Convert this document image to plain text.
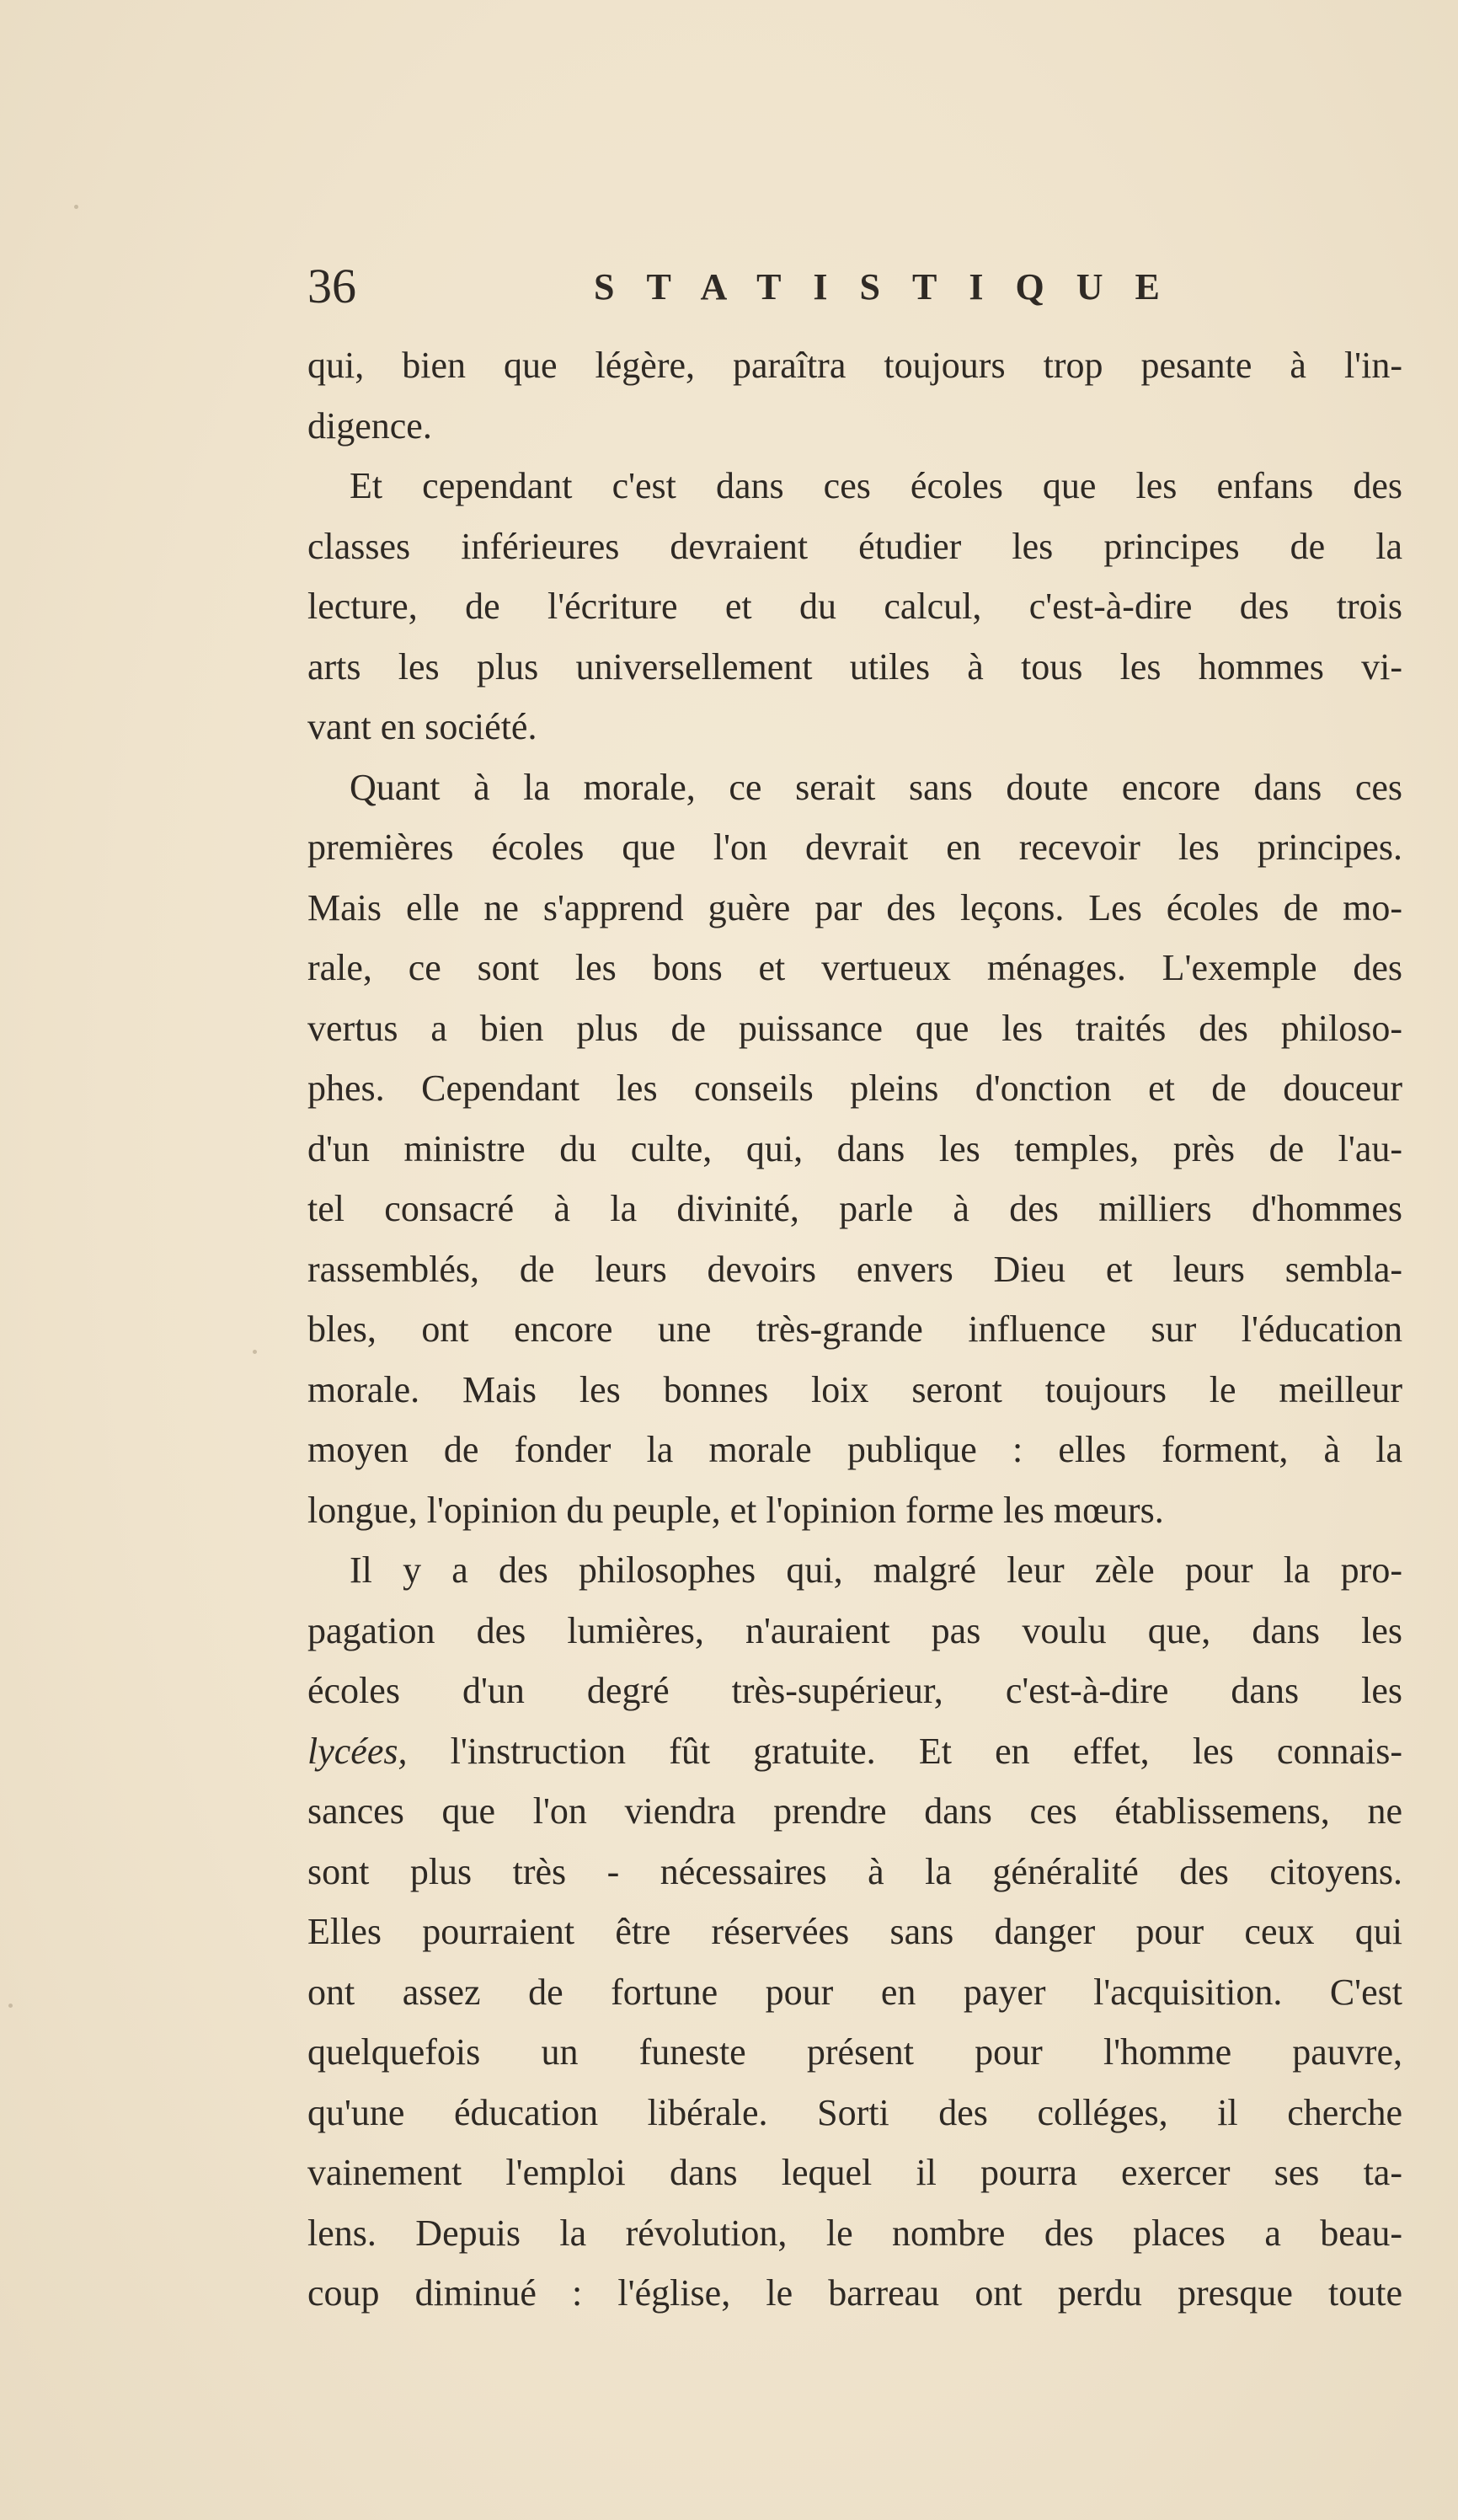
36	STATISTIQUE
qui, bien que légère, paraîtra toujours trop pesante à l'in-
digence.
Et cependant c'est dans ces écoles que les enfans des
classes inférieures devraient étudier les principes de la
lecture, de l'écriture et du calcul, c'est-à-dire des trois
arts les plus universellement utiles à tous les hommes vi-
vant en société.
Quant à la morale, ce serait sans doute encore dans ces
premières écoles que l'on devrait en recevoir les principes.
Mais elle ne s'apprend guère par des leçons. Les écoles de mo-
rale, ce sont les bons et vertueux ménages. L'exemple des
vertus a bien plus de puissance que les traités des philoso-
phes. Cependant les conseils pleins d'onction et de douceur
d'un ministre du culte, qui, dans les temples, près de l'au-
tel consacré à la divinité, parle à des milliers d'hommes
rassemblés, de leurs devoirs envers Dieu et leurs sembla-
bles, ont encore une très-grande influence sur l'éducation
morale. Mais les bonnes loix seront toujours le meilleur
moyen de fonder la morale publique : elles forment, à la
longue, l'opinion du peuple, et l'opinion forme les mœurs.
Il y a des philosophes qui, malgré leur zèle pour la pro-
pagation des lumières, n'auraient pas voulu que, dans les
écoles d'un degré très-supérieur, c'est-à-dire dans les
lycées, l'instruction fût gratuite. Et en effet, les connais-
sances que l'on viendra prendre dans ces établissemens, ne
sont plus très - nécessaires à la généralité des citoyens.
Elles pourraient être réservées sans danger pour ceux qui
ont assez de fortune pour en payer l'acquisition. C'est
quelquefois un funeste présent pour l'homme pauvre,
qu'une éducation libérale. Sorti des colléges, il cherche
vainement l'emploi dans lequel il pourra exercer ses ta-
lens. Depuis la révolution, le nombre des places a beau-
coup diminué : l'église, le barreau ont perdu presque toute
